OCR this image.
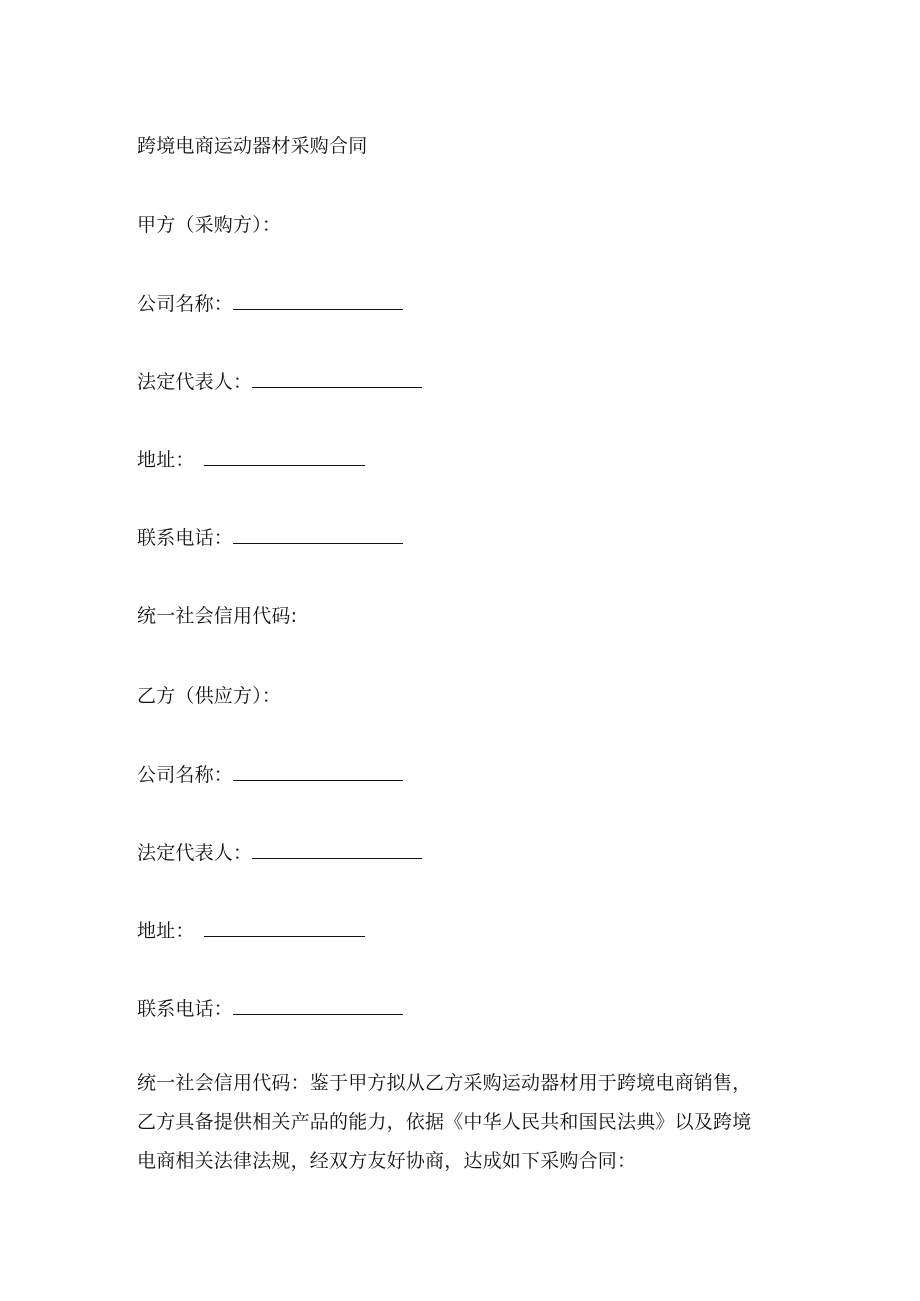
跨境电商运动器材采购合同
甲方（采购方）：
公司名称：
法定代表人：
地址：
联系电话：
统一社会信用代码:
乙方（供应方）：
公司名称：
法定代表人：
地址：
联系电话：
统一社会信用代码：鉴于甲方拟从乙方采购运动器材用于跨境电商销售，
乙方具备提供相关产品的能力，依据《中华人民共和国民法典》以及跨境
电商相关法律法规，经双方友好协商，达成如下采购合同：
